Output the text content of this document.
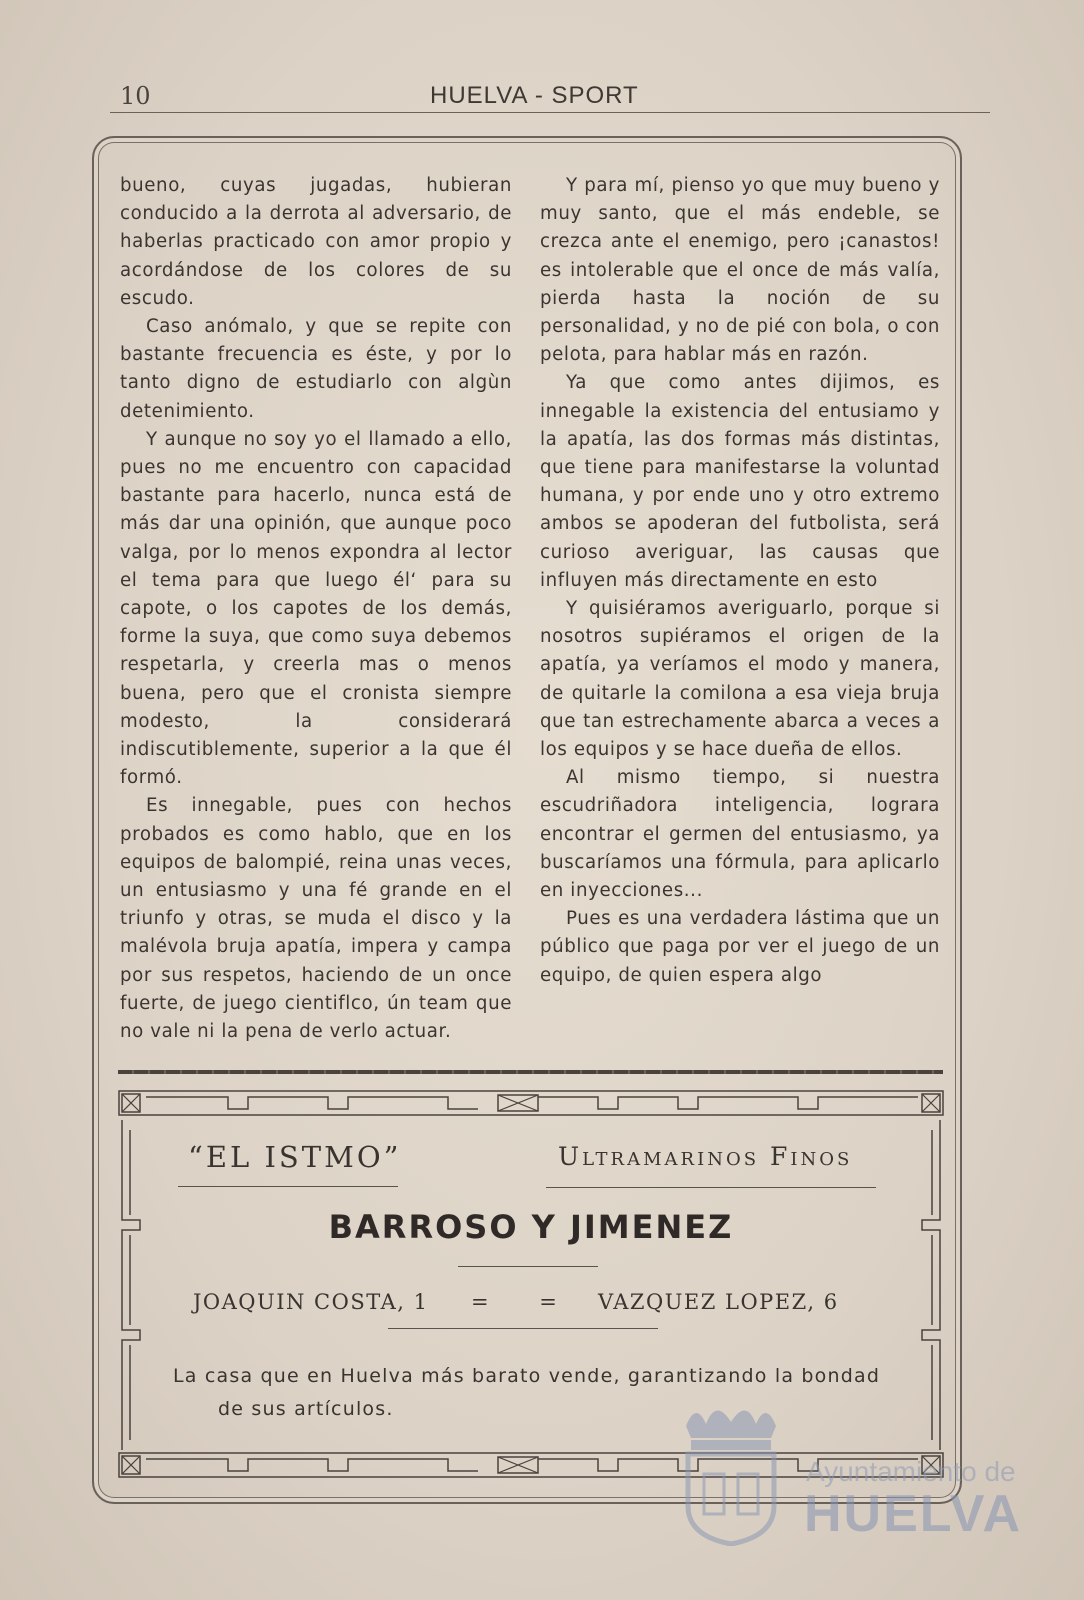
10	HUELVA - SPORT

bueno, cuyas jugadas, hubieran conducido a la derrota al adversario, de haberlas practicado con amor propio y acordándose de los colores de su escudo.

Caso anómalo, y que se repite con bastante frecuencia es éste, y por lo tanto digno de estudiarlo con algùn detenimiento.

Y aunque no soy yo el llamado a ello, pues no me encuentro con capacidad bastante para hacerlo, nunca está de más dar una opinión, que aunque poco valga, por lo menos expondra al lector el tema para que luego él‘ para su capote, o los capotes de los demás, forme la suya, que como suya debemos respetarla, y creerla mas o menos buena, pero que el cronista siempre modesto, la considerará indiscutiblemente, superior a la que él formó.

Es innegable, pues con hechos probados es como hablo, que en los equipos de balompié, reina unas veces, un entusiasmo y una fé grande en el triunfo y otras, se muda el disco y la malévola bruja apatía, impera y campa por sus respetos, haciendo de un once fuerte, de juego cientiflco, ún team que no vale ni la pena de verlo actuar.

Y para mí, pienso yo que muy bueno y muy santo, que el más endeble, se crezca ante el enemigo, pero ¡canastos! es intolerable que el once de más valía, pierda hasta la noción de su personalidad, y no de pié con bola, o con pelota, para hablar más en razón.

Ya que como antes dijimos, es innegable la existencia del entusiamo y la apatía, las dos formas más distintas, que tiene para manifestarse la voluntad humana, y por ende uno y otro extremo ambos se apoderan del futbolista, será curioso averiguar, las causas que influyen más directamente en esto

Y quisiéramos averiguarlo, porque si nosotros supiéramos el origen de la apatía, ya veríamos el modo y manera, de quitarle la comilona a esa vieja bruja que tan estrechamente abarca a veces a los equipos y se hace dueña de ellos.

Al mismo tiempo, si nuestra escudriñadora inteligencia, lograra encontrar el germen del entusiasmo, ya buscaríamos una fórmula, para aplicarlo en inyecciones...

Pues es una verdadera lástima que un público que paga por ver el juego de un equipo, de quien espera algo

“EL ISTMO”	Ultramarinos Finos
BARROSO Y JIMENEZ
JOAQUIN COSTA, 1 = = VAZQUEZ LOPEZ, 6
La casa que en Huelva más barato vende, garantizando la bondad
de sus artículos.
Ayuntamiento de
HUELVA
